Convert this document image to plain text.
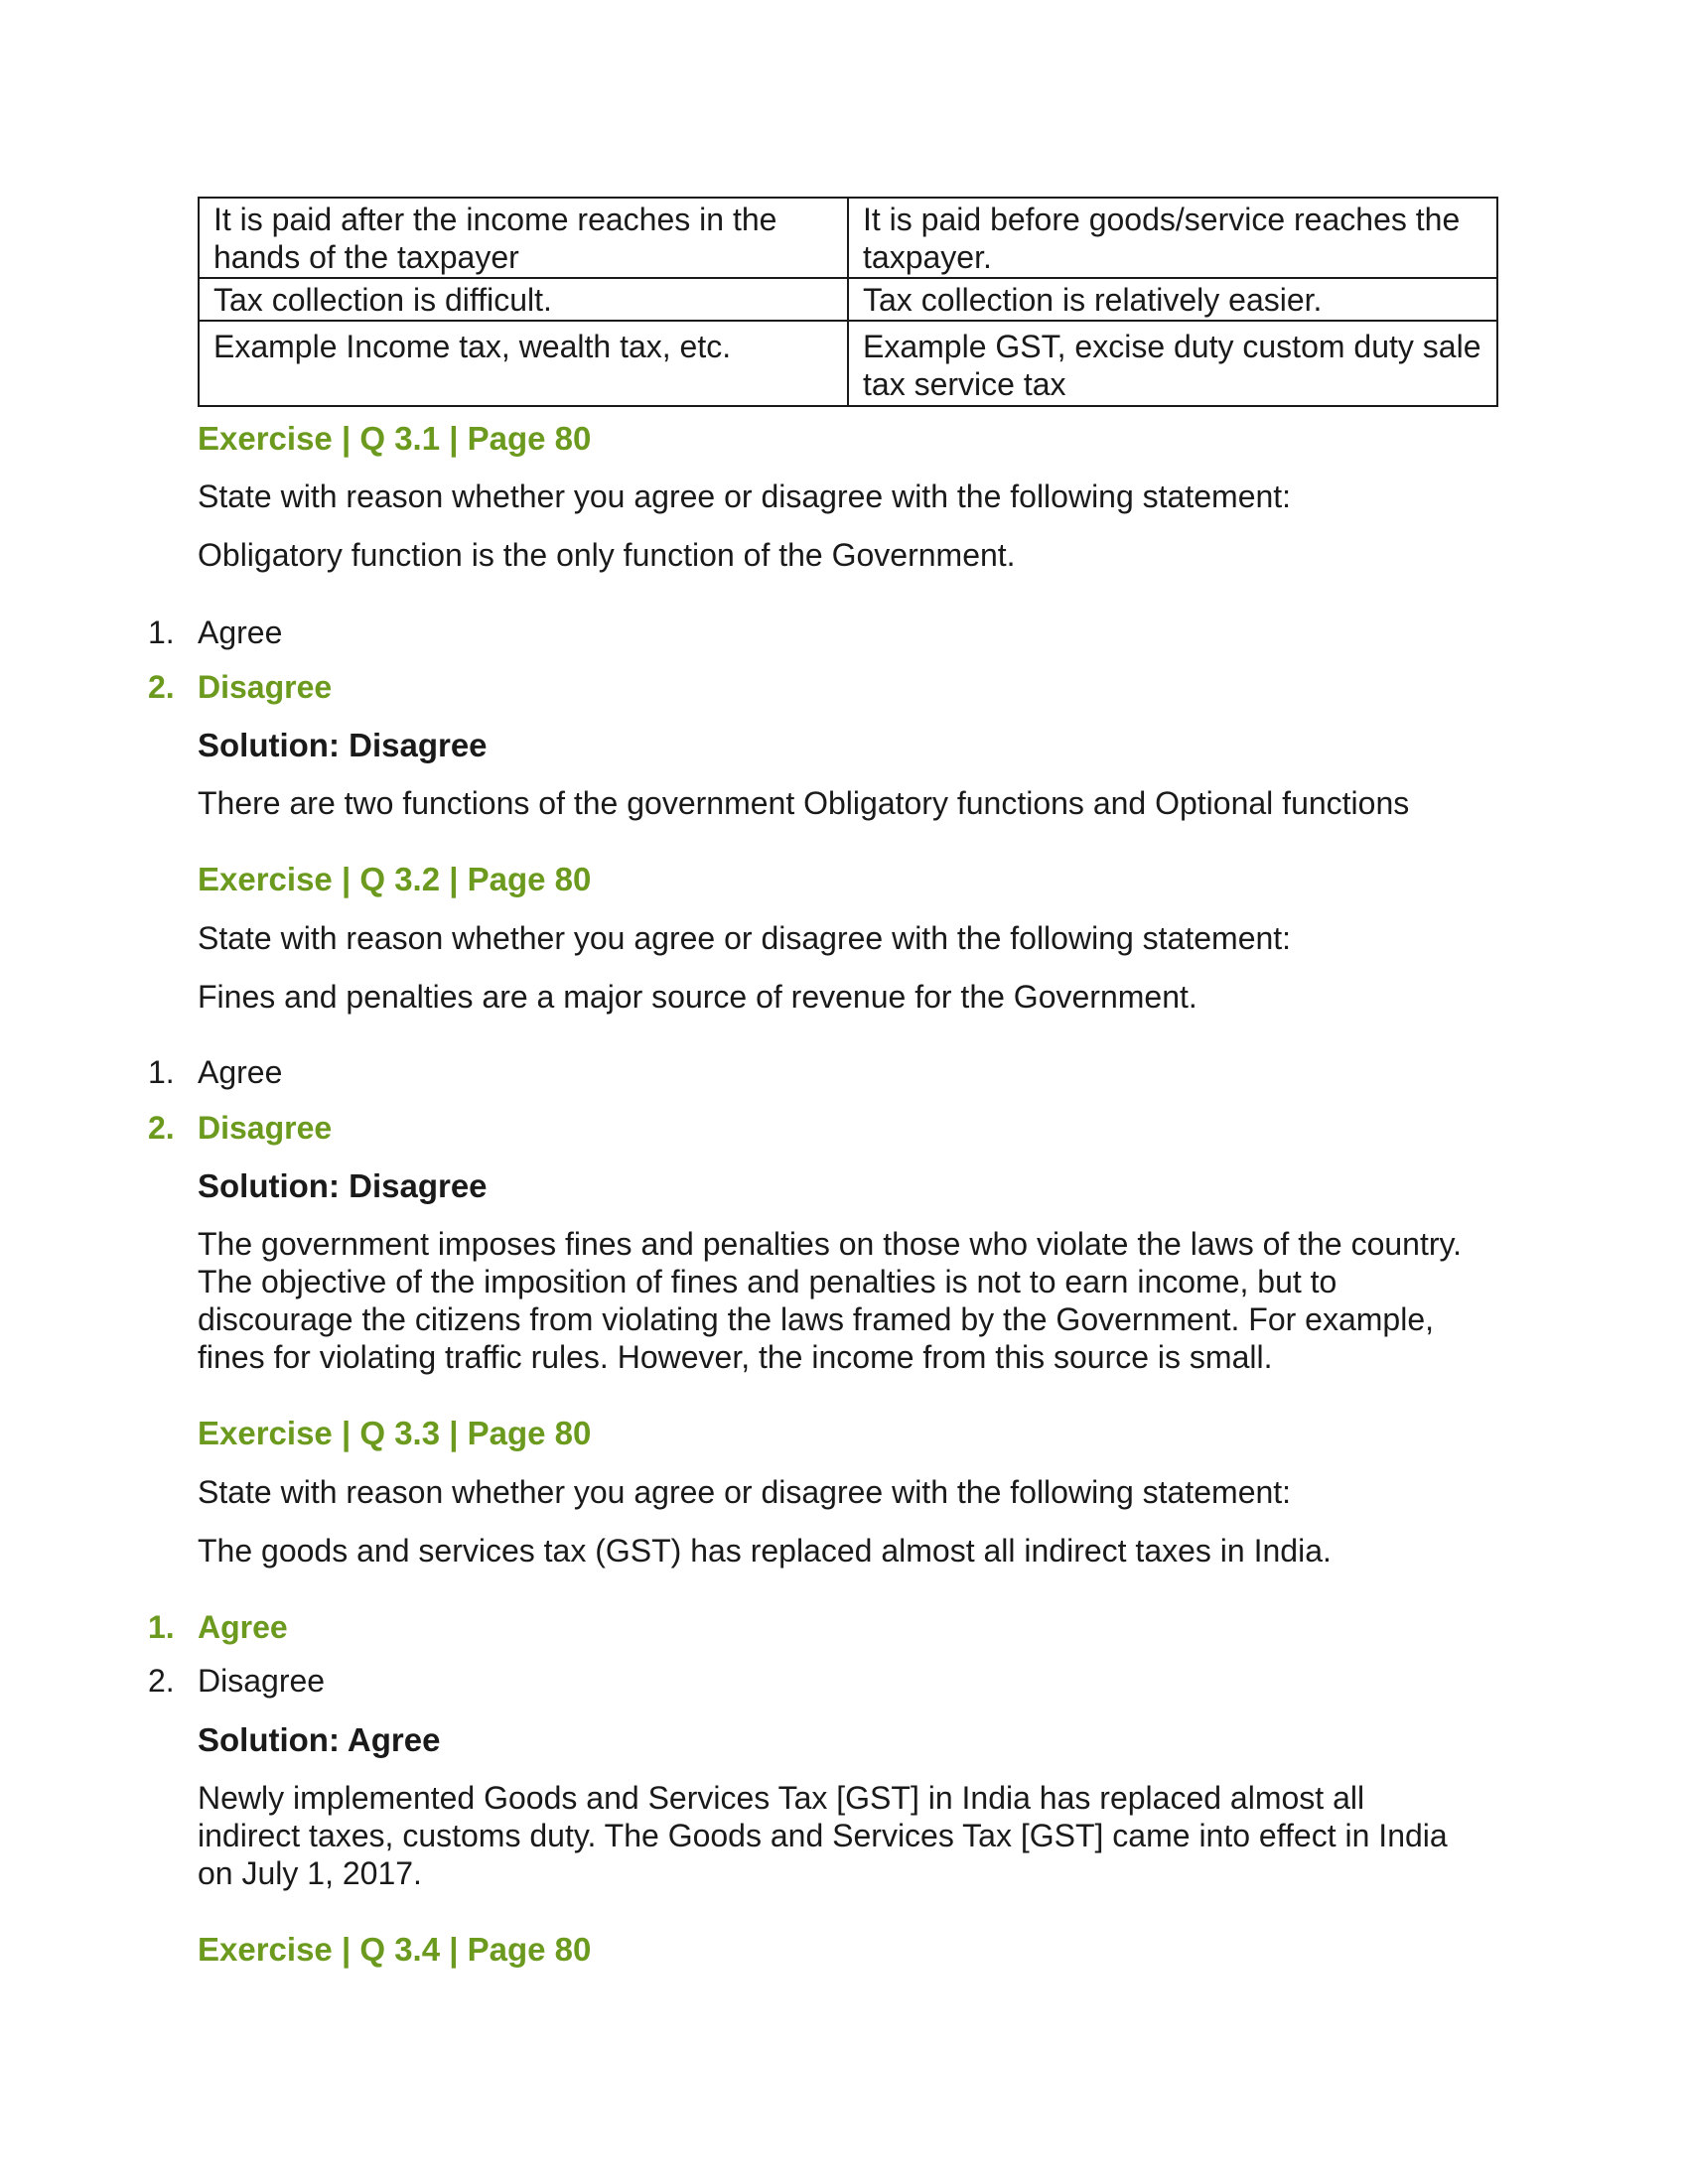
It is paid after the income reaches in the hands of the taxpayer	It is paid before goods/service reaches the taxpayer.
Tax collection is difficult.	Tax collection is relatively easier.
Example Income tax, wealth tax, etc.	Example GST, excise duty custom duty sale tax service tax
Exercise | Q 3.1 | Page 80
State with reason whether you agree or disagree with the following statement:
Obligatory function is the only function of the Government.
1. Agree
2. Disagree
Solution: Disagree
There are two functions of the government Obligatory functions and Optional functions
Exercise | Q 3.2 | Page 80
State with reason whether you agree or disagree with the following statement:
Fines and penalties are a major source of revenue for the Government.
1. Agree
2. Disagree
Solution: Disagree
The government imposes fines and penalties on those who violate the laws of the country. The objective of the imposition of fines and penalties is not to earn income, but to discourage the citizens from violating the laws framed by the Government. For example, fines for violating traffic rules. However, the income from this source is small.
Exercise | Q 3.3 | Page 80
State with reason whether you agree or disagree with the following statement:
The goods and services tax (GST) has replaced almost all indirect taxes in India.
1. Agree
2. Disagree
Solution: Agree
Newly implemented Goods and Services Tax [GST] in India has replaced almost all indirect taxes, customs duty. The Goods and Services Tax [GST] came into effect in India on July 1, 2017.
Exercise | Q 3.4 | Page 80
